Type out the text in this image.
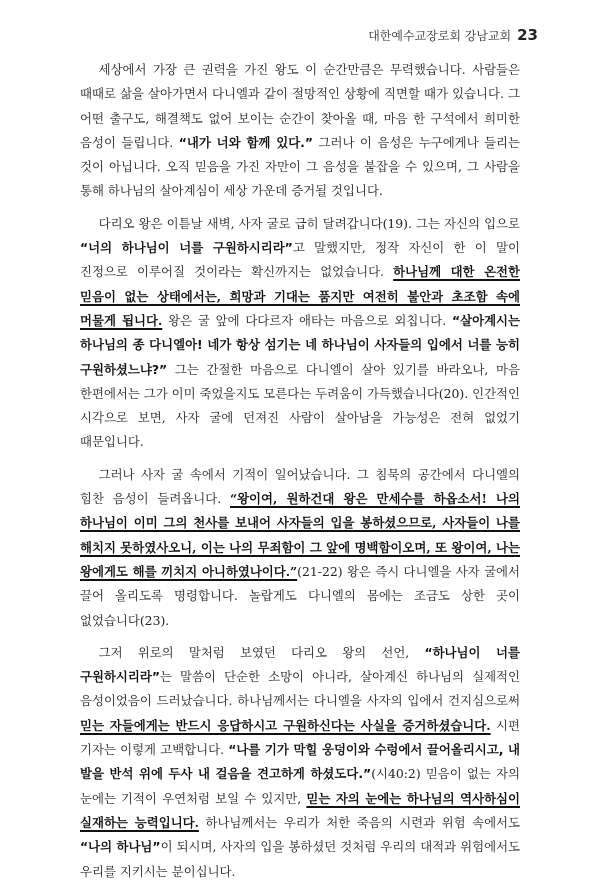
대한예수교장로회 강남교회 23

세상에서 가장 큰 권력을 가진 왕도 이 순간만큼은 무력했습니다. 사람들은 때때로 삶을 살아가면서 다니엘과 같이 절망적인 상황에 직면할 때가 있습니다. 그 어떤 출구도, 해결책도 없어 보이는 순간이 찾아올 때, 마음 한 구석에서 희미한 음성이 들립니다. “내가 너와 함께 있다.” 그러나 이 음성은 누구에게나 들리는 것이 아닙니다. 오직 믿음을 가진 자만이 그 음성을 붙잡을 수 있으며, 그 사람을 통해 하나님의 살아계심이 세상 가운데 증거될 것입니다.

다리오 왕은 이튿날 새벽, 사자 굴로 급히 달려갑니다(19). 그는 자신의 입으로 “너의 하나님이 너를 구원하시리라”고 말했지만, 정작 자신이 한 이 말이 진정으로 이루어질 것이라는 확신까지는 없었습니다. 하나님께 대한 온전한 믿음이 없는 상태에서는, 희망과 기대는 품지만 여전히 불안과 초조함 속에 머물게 됩니다. 왕은 굴 앞에 다다르자 애타는 마음으로 외칩니다. “살아계시는 하나님의 종 다니엘아! 네가 항상 섬기는 네 하나님이 사자들의 입에서 너를 능히 구원하셨느냐?” 그는 간절한 마음으로 다니엘이 살아 있기를 바라오나, 마음 한편에서는 그가 이미 죽었을지도 모른다는 두려움이 가득했습니다(20). 인간적인 시각으로 보면, 사자 굴에 던져진 사람이 살아남을 가능성은 전혀 없었기 때문입니다.

그러나 사자 굴 속에서 기적이 일어났습니다. 그 침묵의 공간에서 다니엘의 힘찬 음성이 들려옵니다. “왕이여, 원하건대 왕은 만세수를 하옵소서! 나의 하나님이 이미 그의 천사를 보내어 사자들의 입을 봉하셨으므로, 사자들이 나를 해치지 못하였사오니, 이는 나의 무죄함이 그 앞에 명백함이오며, 또 왕이여, 나는 왕에게도 해를 끼치지 아니하였나이다.”(21-22) 왕은 즉시 다니엘을 사자 굴에서 끌어 올리도록 명령합니다. 놀랍게도 다니엘의 몸에는 조금도 상한 곳이 없었습니다(23).

그저 위로의 말처럼 보였던 다리오 왕의 선언, “하나님이 너를 구원하시리라”는 말씀이 단순한 소망이 아니라, 살아계신 하나님의 실제적인 음성이었음이 드러났습니다. 하나님께서는 다니엘을 사자의 입에서 건지심으로써 믿는 자들에게는 반드시 응답하시고 구원하신다는 사실을 증거하셨습니다. 시편 기자는 이렇게 고백합니다. “나를 기가 막힐 웅덩이와 수렁에서 끌어올리시고, 내 발을 반석 위에 두사 내 걸음을 견고하게 하셨도다.”(시40:2) 믿음이 없는 자의 눈에는 기적이 우연처럼 보일 수 있지만, 믿는 자의 눈에는 하나님의 역사하심이 실재하는 능력입니다. 하나님께서는 우리가 처한 죽음의 시련과 위험 속에서도 “나의 하나님”이 되시며, 사자의 입을 봉하셨던 것처럼 우리의 대적과 위험에서도 우리를 지키시는 분이십니다.
